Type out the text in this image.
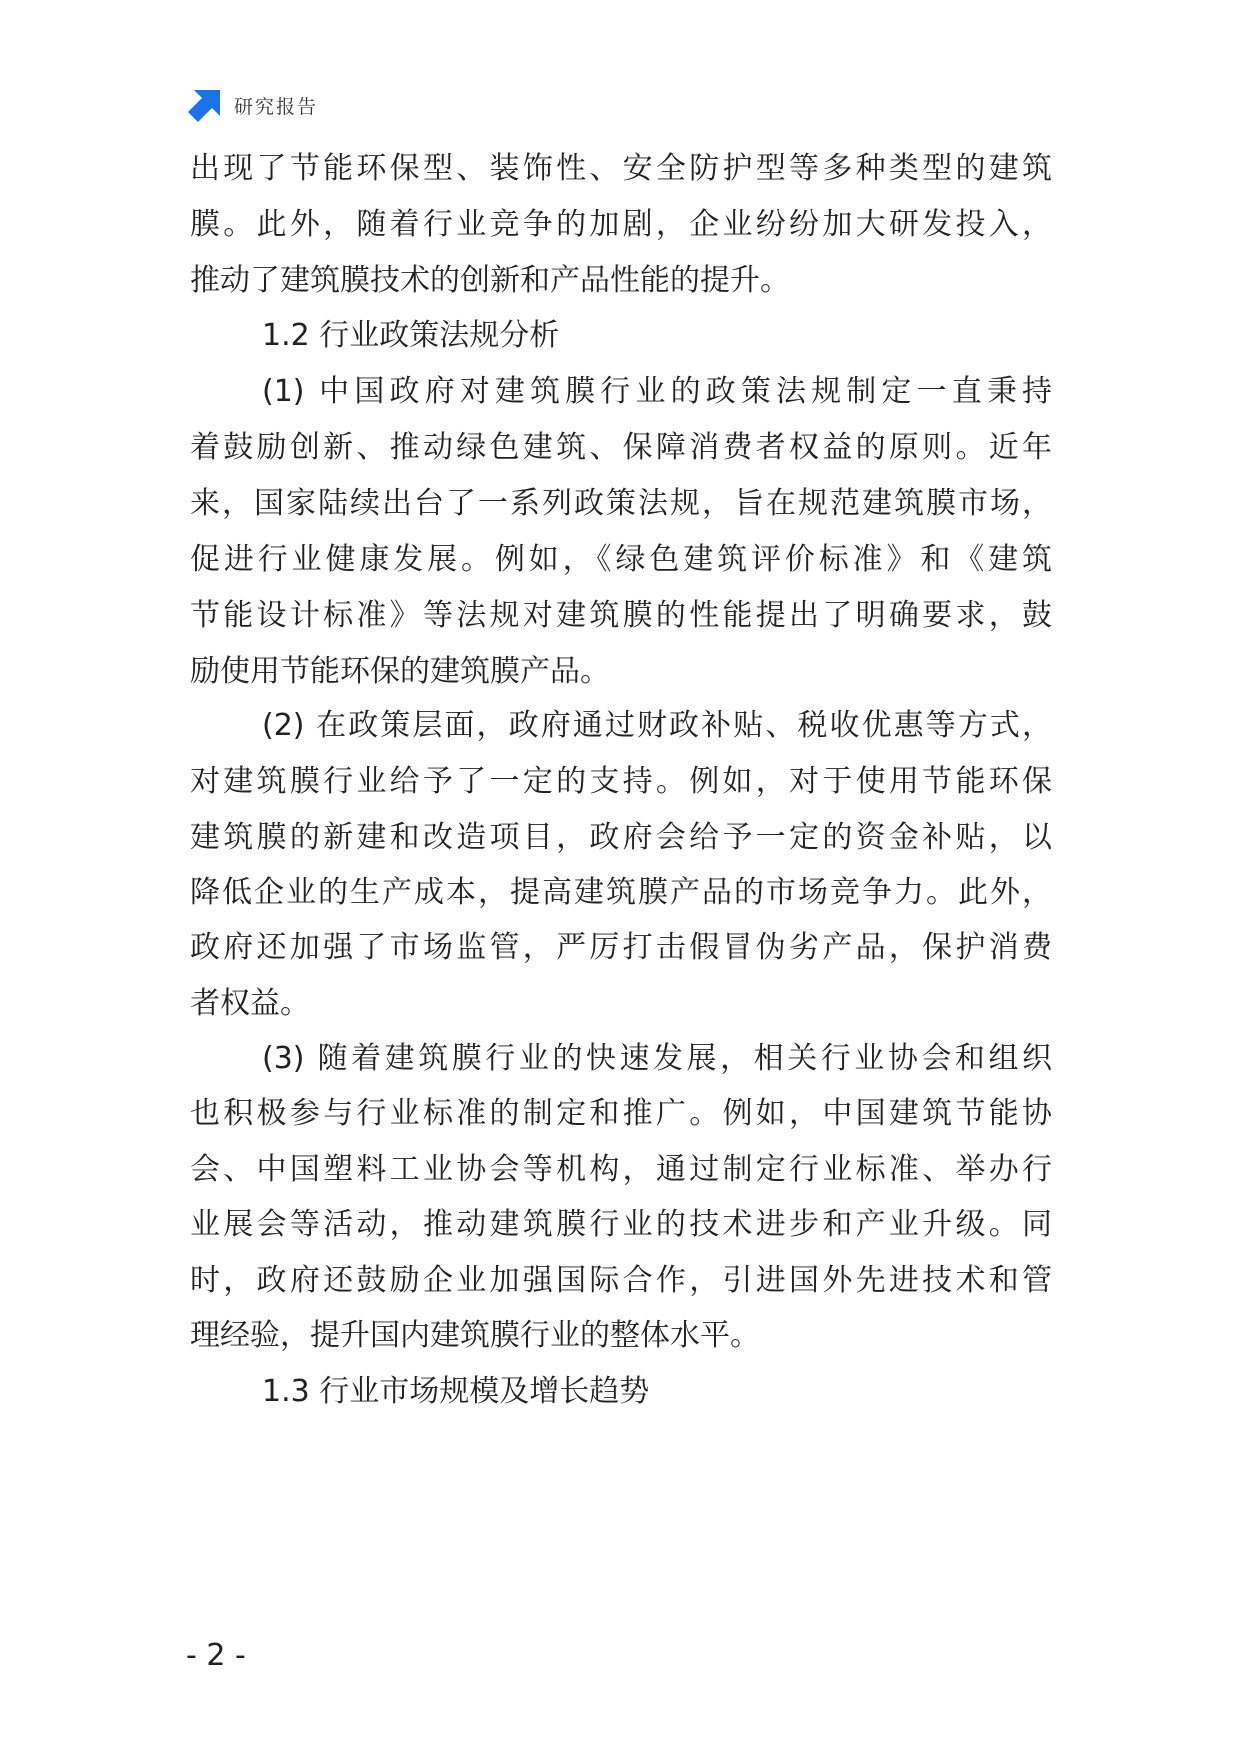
研究报告
出现了节能环保型、装饰性、安全防护型等多种类型的建筑
膜。此外，随着行业竞争的加剧，企业纷纷加大研发投入，
推动了建筑膜技术的创新和产品性能的提升。
1.2 行业政策法规分析
(1) 中国政府对建筑膜行业的政策法规制定一直秉持
着鼓励创新、推动绿色建筑、保障消费者权益的原则。近年
来，国家陆续出台了一系列政策法规，旨在规范建筑膜市场，
促进行业健康发展。例如，《绿色建筑评价标准》和《建筑
节能设计标准》等法规对建筑膜的性能提出了明确要求，鼓
励使用节能环保的建筑膜产品。
(2) 在政策层面，政府通过财政补贴、税收优惠等方式，
对建筑膜行业给予了一定的支持。例如，对于使用节能环保
建筑膜的新建和改造项目，政府会给予一定的资金补贴，以
降低企业的生产成本，提高建筑膜产品的市场竞争力。此外，
政府还加强了市场监管，严厉打击假冒伪劣产品，保护消费
者权益。
(3) 随着建筑膜行业的快速发展，相关行业协会和组织
也积极参与行业标准的制定和推广。例如，中国建筑节能协
会、中国塑料工业协会等机构，通过制定行业标准、举办行
业展会等活动，推动建筑膜行业的技术进步和产业升级。同
时，政府还鼓励企业加强国际合作，引进国外先进技术和管
理经验，提升国内建筑膜行业的整体水平。
1.3 行业市场规模及增长趋势
- 2 -
